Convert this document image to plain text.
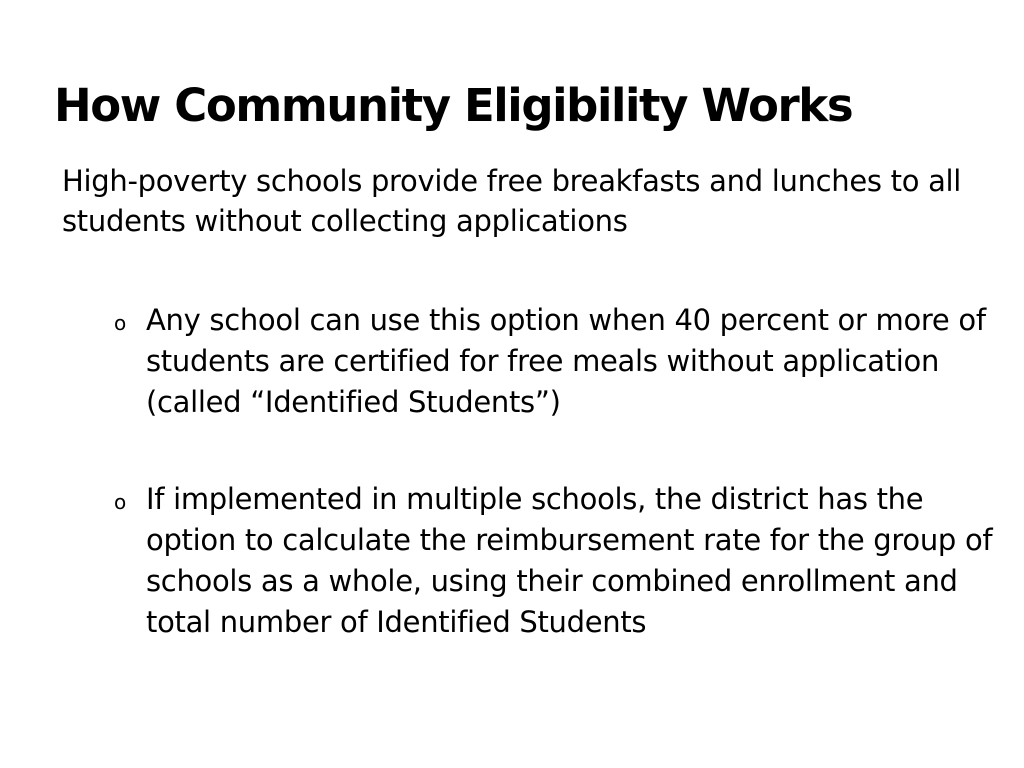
How Community Eligibility Works

High-poverty schools provide free breakfasts and lunches to all students without collecting applications

o Any school can use this option when 40 percent or more of students are certified for free meals without application (called “Identified Students”)
o If implemented in multiple schools, the district has the option to calculate the reimbursement rate for the group of schools as a whole, using their combined enrollment and total number of Identified Students
